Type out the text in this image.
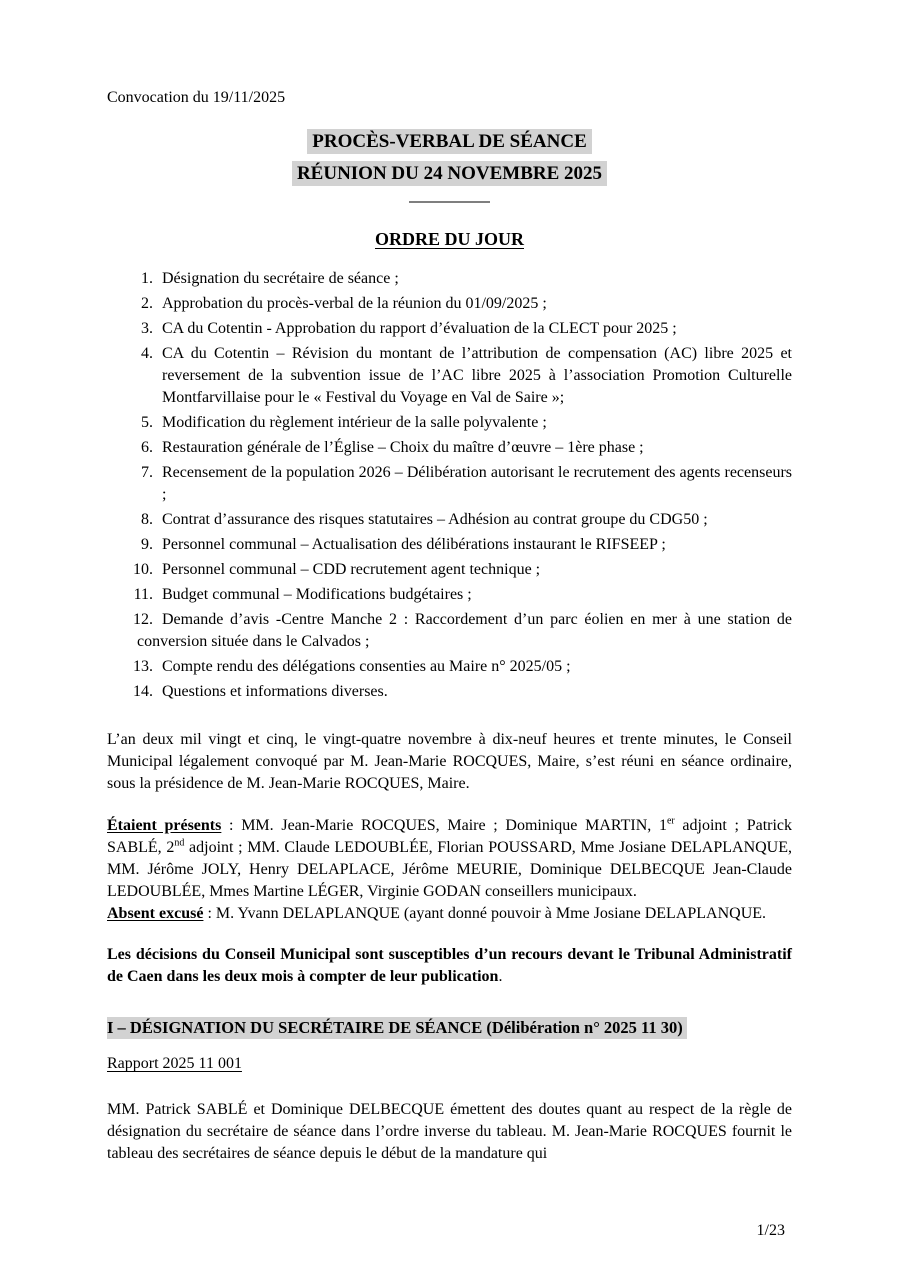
Convocation du 19/11/2025
PROCÈS-VERBAL DE SÉANCE
RÉUNION DU 24 NOVEMBRE 2025
ORDRE DU JOUR
1. Désignation du secrétaire de séance ;
2. Approbation du procès-verbal de la réunion du 01/09/2025 ;
3. CA du Cotentin - Approbation du rapport d’évaluation de la CLECT pour 2025 ;
4. CA du Cotentin – Révision du montant de l’attribution de compensation (AC) libre 2025 et reversement de la subvention issue de l’AC libre 2025 à l’association Promotion Culturelle Montfarvillaise pour le « Festival du Voyage en Val de Saire »;
5. Modification du règlement intérieur de la salle polyvalente ;
6. Restauration générale de l’Église – Choix du maître d’œuvre – 1ère phase ;
7. Recensement de la population 2026 – Délibération autorisant le recrutement des agents recenseurs ;
8. Contrat d’assurance des risques statutaires – Adhésion au contrat groupe du CDG50 ;
9. Personnel communal – Actualisation des délibérations instaurant le RIFSEEP ;
10. Personnel communal – CDD recrutement agent technique ;
11. Budget communal – Modifications budgétaires ;
12. Demande d’avis -Centre Manche 2 : Raccordement d’un parc éolien en mer à une station de conversion située dans le Calvados ;
13. Compte rendu des délégations consenties au Maire n° 2025/05 ;
14. Questions et informations diverses.

L’an deux mil vingt et cinq, le vingt-quatre novembre à dix-neuf heures et trente minutes, le Conseil Municipal légalement convoqué par M. Jean-Marie ROCQUES, Maire, s’est réuni en séance ordinaire, sous la présidence de M. Jean-Marie ROCQUES, Maire.

Étaient présents : MM. Jean-Marie ROCQUES, Maire ; Dominique MARTIN, 1er adjoint ; Patrick SABLÉ, 2nd adjoint ; MM. Claude LEDOUBLÉE, Florian POUSSARD, Mme Josiane DELAPLANQUE, MM. Jérôme JOLY, Henry DELAPLACE, Jérôme MEURIE, Dominique DELBECQUE Jean-Claude LEDOUBLÉE, Mmes Martine LÉGER, Virginie GODAN conseillers municipaux.

Absent excusé : M. Yvann DELAPLANQUE (ayant donné pouvoir à Mme Josiane DELAPLANQUE.

Les décisions du Conseil Municipal sont susceptibles d’un recours devant le Tribunal Administratif de Caen dans les deux mois à compter de leur publication.

I – DÉSIGNATION DU SECRÉTAIRE DE SÉANCE (Délibération n° 2025 11 30)

Rapport 2025 11 001

MM. Patrick SABLÉ et Dominique DELBECQUE émettent des doutes quant au respect de la règle de désignation du secrétaire de séance dans l’ordre inverse du tableau. M. Jean-Marie ROCQUES fournit le tableau des secrétaires de séance depuis le début de la mandature qui

1/23
